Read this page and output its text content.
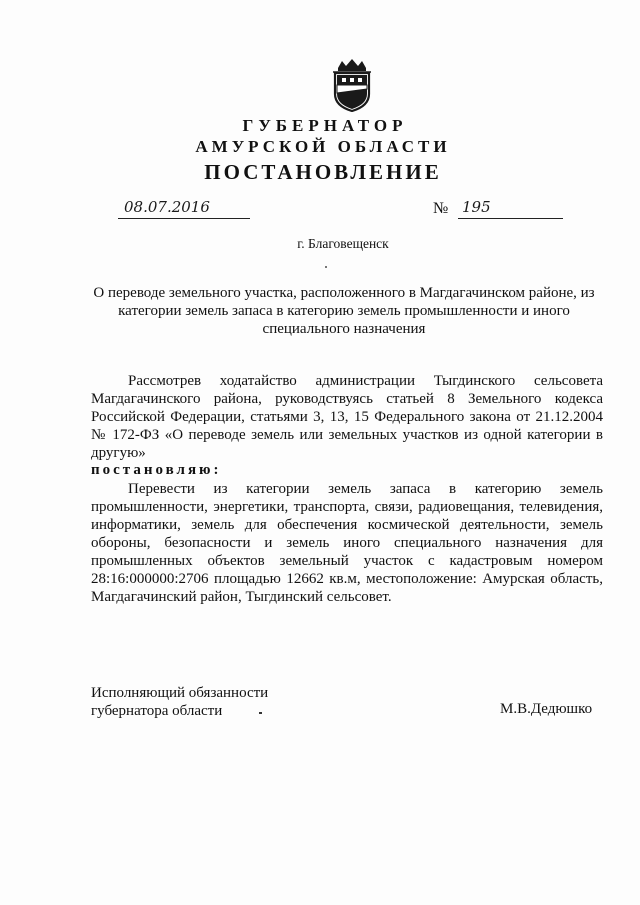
ГУБЕРНАТОР
АМУРСКОЙ ОБЛАСТИ
ПОСТАНОВЛЕНИЕ
08.07.2016	№ 195
г. Благовещенск
О переводе земельного участка, расположенного в Магдагачинском районе, из категории земель запаса в категорию земель промышленности и иного специального назначения
Рассмотрев ходатайство администрации Тыгдинского сельсовета Магдагачинского района, руководствуясь статьей 8 Земельного кодекса Российской Федерации, статьями 3, 13, 15 Федерального закона от 21.12.2004 № 172-ФЗ «О переводе земель или земельных участков из одной категории в другую»
постановляю:
Перевести из категории земель запаса в категорию земель промышленности, энергетики, транспорта, связи, радиовещания, телевидения, информатики, земель для обеспечения космической деятельности, земель обороны, безопасности и земель иного специального назначения для промышленных объектов земельный участок с кадастровым номером 28:16:000000:2706 площадью 12662 кв.м, местоположение: Амурская область, Магдагачинский район, Тыгдинский сельсовет.
Исполняющий обязанности
губернатора области	М.В.Дедюшко
